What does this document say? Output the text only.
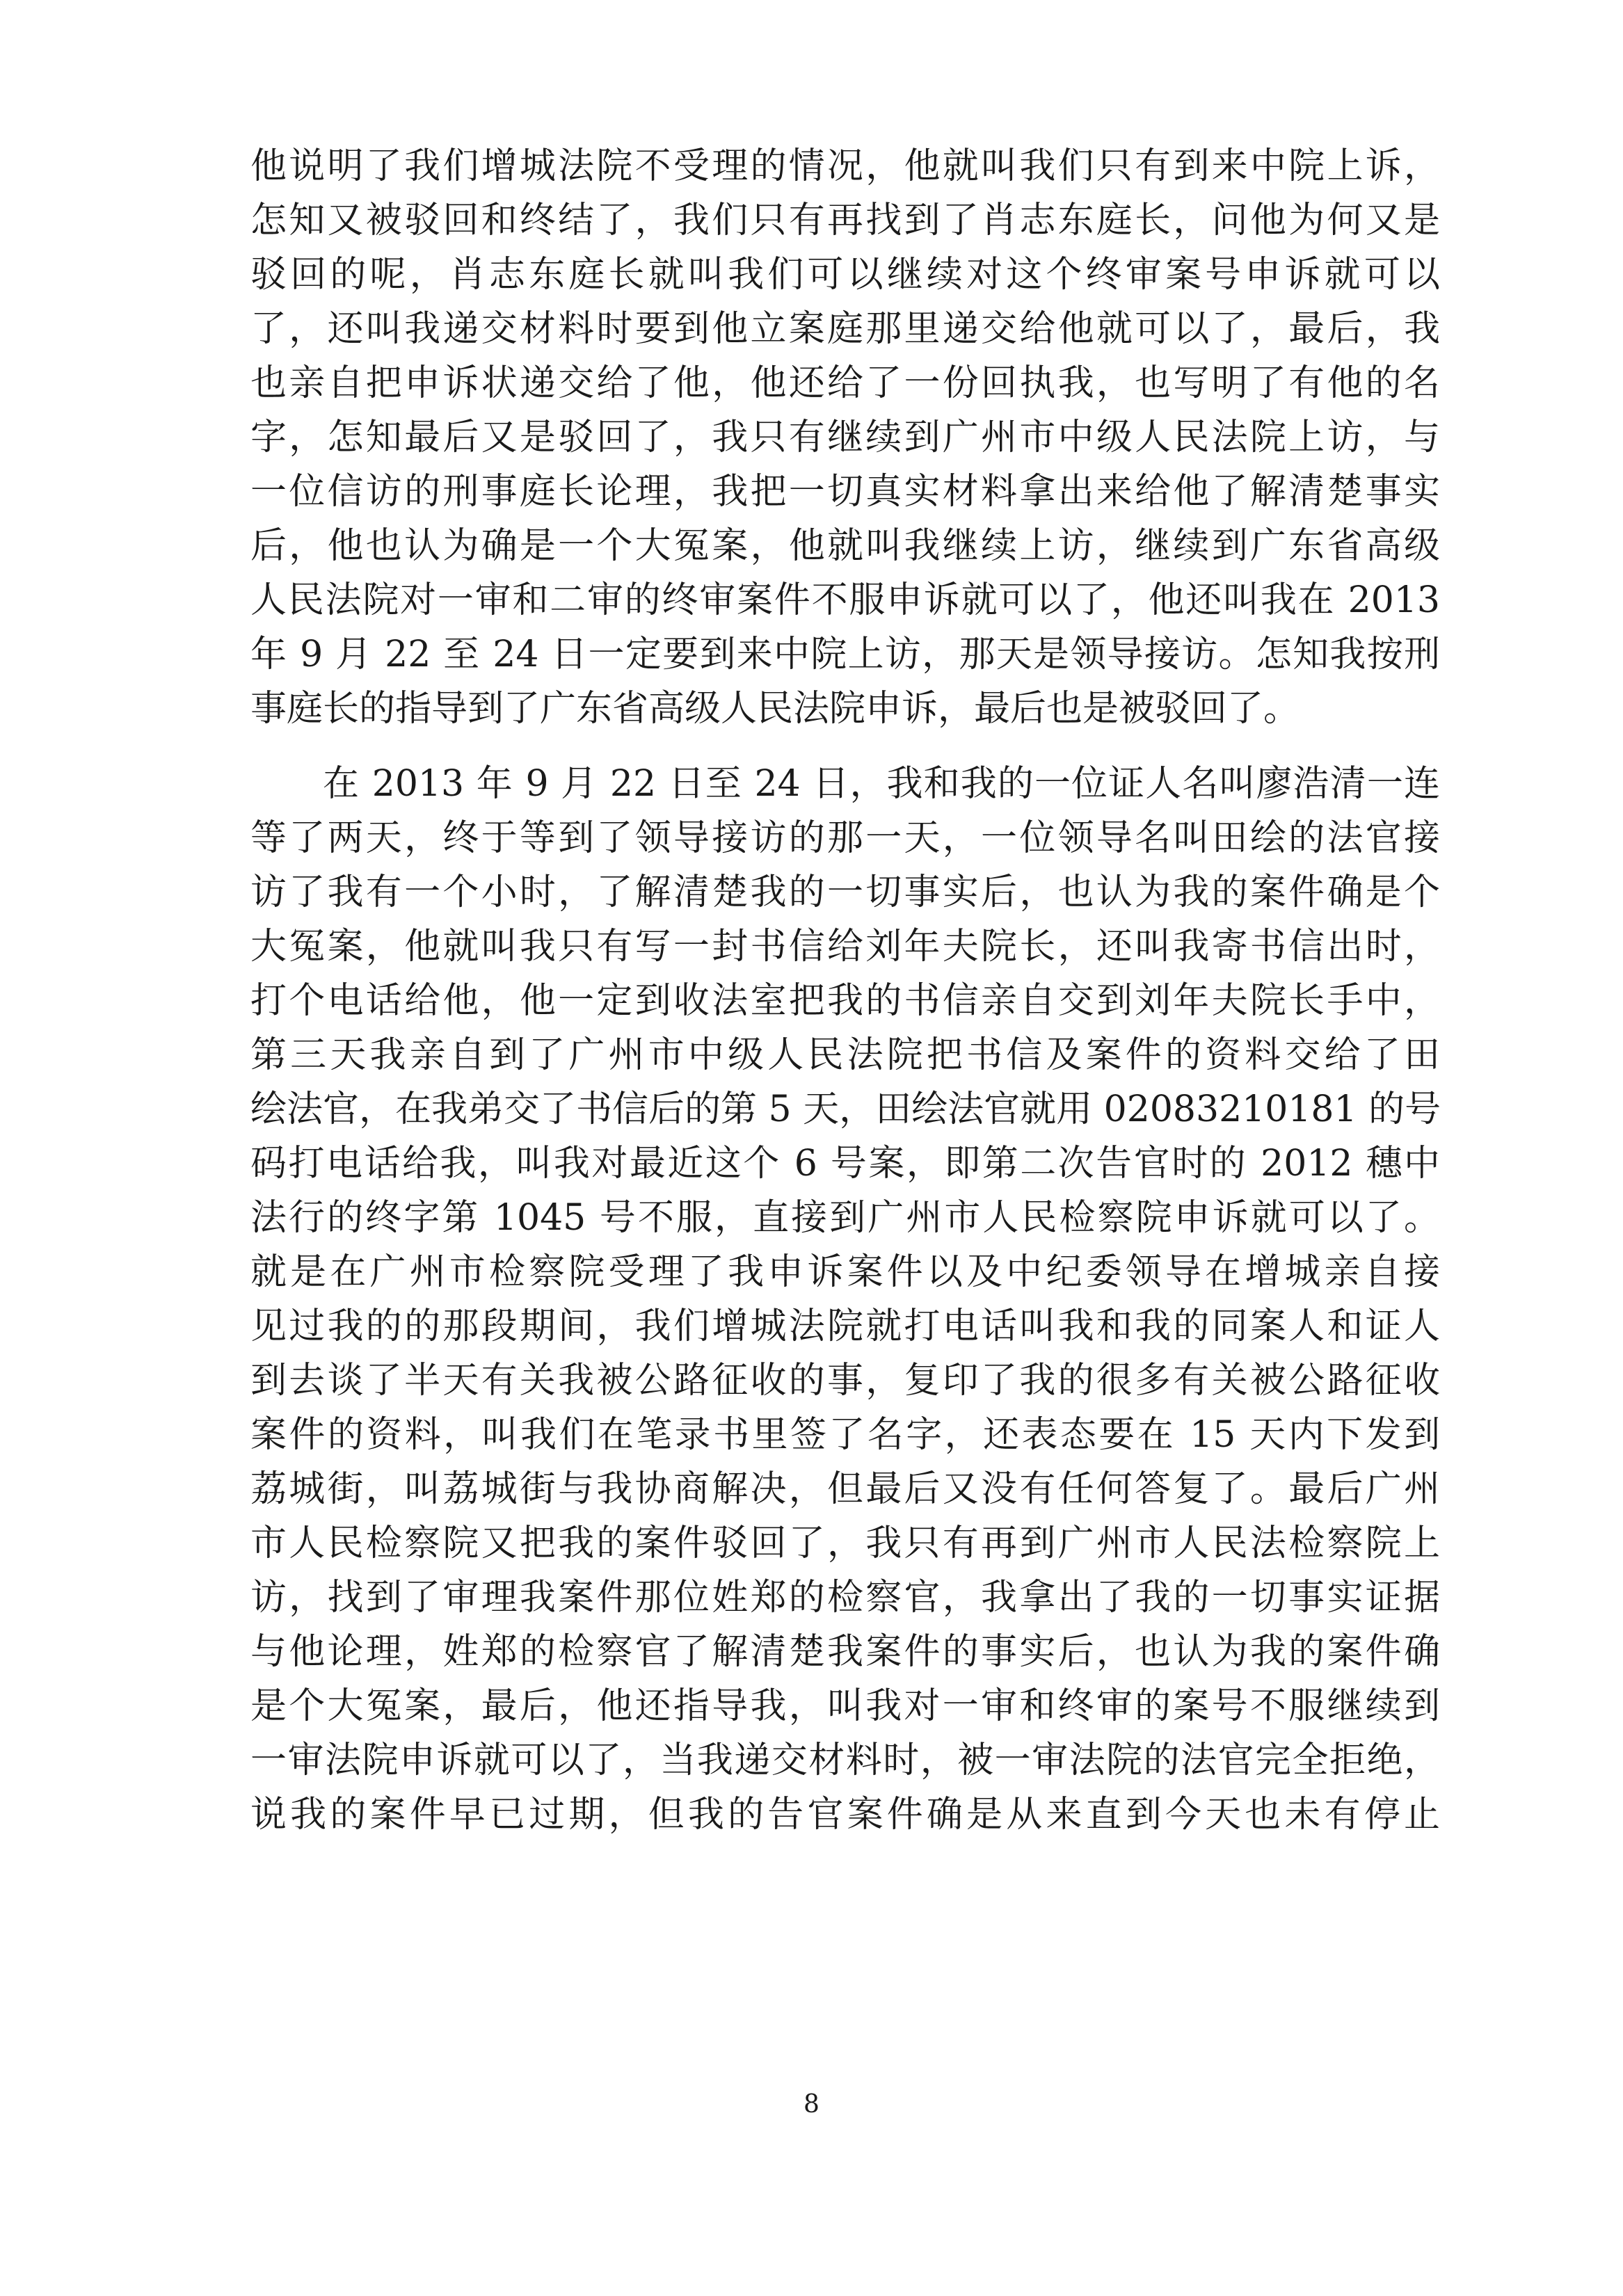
他说明了我们增城法院不受理的情况，他就叫我们只有到来中院上诉，
怎知又被驳回和终结了，我们只有再找到了肖志东庭长，问他为何又是
驳回的呢，肖志东庭长就叫我们可以继续对这个终审案号申诉就可以
了，还叫我递交材料时要到他立案庭那里递交给他就可以了，最后，我
也亲自把申诉状递交给了他，他还给了一份回执我，也写明了有他的名
字，怎知最后又是驳回了，我只有继续到广州市中级人民法院上访，与
一位信访的刑事庭长论理，我把一切真实材料拿出来给他了解清楚事实
后，他也认为确是一个大冤案，他就叫我继续上访，继续到广东省高级
人民法院对一审和二审的终审案件不服申诉就可以了，他还叫我在 2013
年 9 月 22 至 24 日一定要到来中院上访，那天是领导接访。怎知我按刑
事庭长的指导到了广东省高级人民法院申诉，最后也是被驳回了。
在 2013 年 9 月 22 日至 24 日，我和我的一位证人名叫廖浩清一连
等了两天，终于等到了领导接访的那一天，一位领导名叫田绘的法官接
访了我有一个小时，了解清楚我的一切事实后，也认为我的案件确是个
大冤案，他就叫我只有写一封书信给刘年夫院长，还叫我寄书信出时，
打个电话给他，他一定到收法室把我的书信亲自交到刘年夫院长手中，
第三天我亲自到了广州市中级人民法院把书信及案件的资料交给了田
绘法官，在我弟交了书信后的第 5 天，田绘法官就用 02083210181 的号
码打电话给我，叫我对最近这个 6 号案，即第二次告官时的 2012 穗中
法行的终字第 1045 号不服，直接到广州市人民检察院申诉就可以了。
就是在广州市检察院受理了我申诉案件以及中纪委领导在增城亲自接
见过我的的那段期间，我们增城法院就打电话叫我和我的同案人和证人
到去谈了半天有关我被公路征收的事，复印了我的很多有关被公路征收
案件的资料，叫我们在笔录书里签了名字，还表态要在 15 天内下发到
荔城街，叫荔城街与我协商解决，但最后又没有任何答复了。最后广州
市人民检察院又把我的案件驳回了，我只有再到广州市人民法检察院上
访，找到了审理我案件那位姓郑的检察官，我拿出了我的一切事实证据
与他论理，姓郑的检察官了解清楚我案件的事实后，也认为我的案件确
是个大冤案，最后，他还指导我，叫我对一审和终审的案号不服继续到
一审法院申诉就可以了，当我递交材料时，被一审法院的法官完全拒绝，
说我的案件早已过期，但我的告官案件确是从来直到今天也未有停止
8
